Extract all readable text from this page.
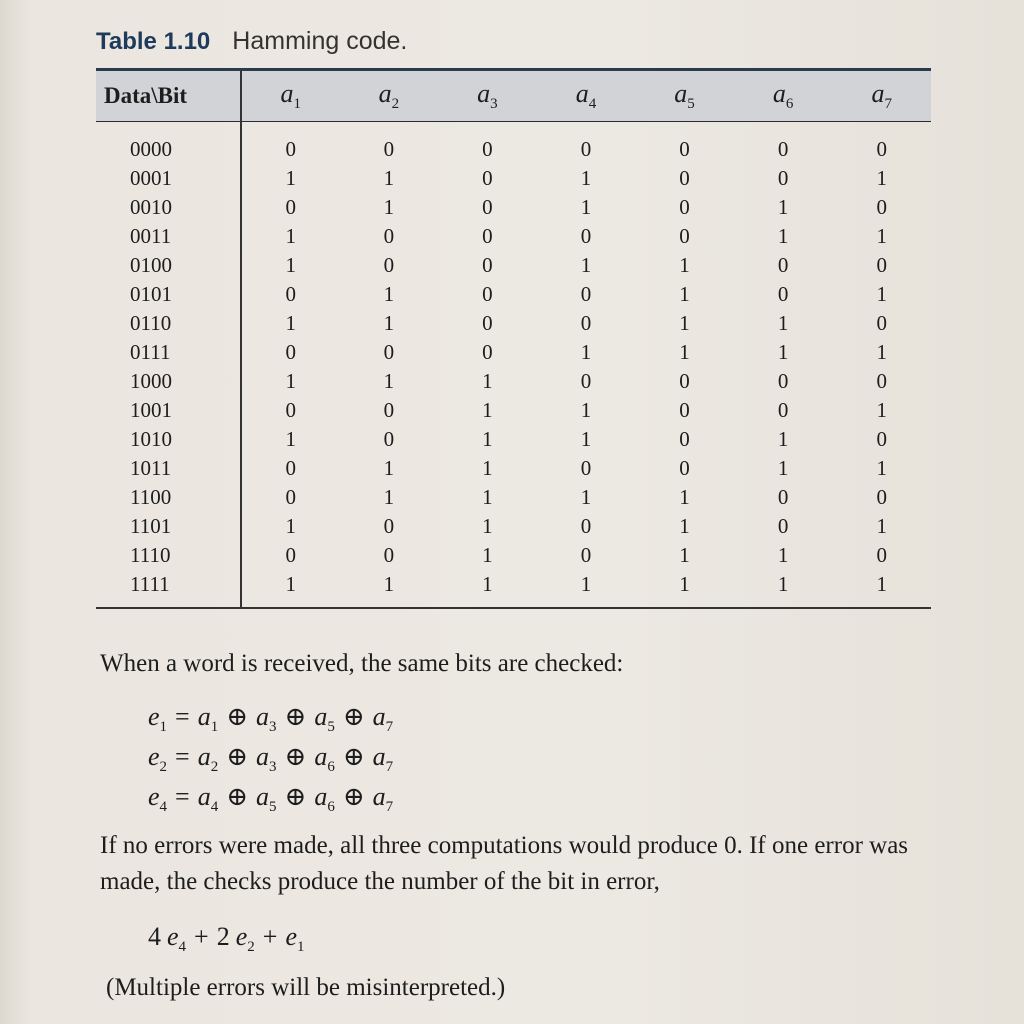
Table 1.10 Hamming code.
Data\Bit	$a_1$	$a_2$	$a_3$	$a_4$	$a_5$	$a_6$	$a_7$
0000	0	0	0	0	0	0	0
0001	1	1	0	1	0	0	1
0010	0	1	0	1	0	1	0
0011	1	0	0	0	0	1	1
0100	1	0	0	1	1	0	0
0101	0	1	0	0	1	0	1
0110	1	1	0	0	1	1	0
0111	0	0	0	1	1	1	1
1000	1	1	1	0	0	0	0
1001	0	0	1	1	0	0	1
1010	1	0	1	1	0	1	0
1011	0	1	1	0	0	1	1
1100	0	1	1	1	1	0	0
1101	1	0	1	0	1	0	1
1110	0	0	1	0	1	1	0
1111	1	1	1	1	1	1	1
When a word is received, the same bits are checked:
$e_1 = a_1$ ⊕ $a_3$ ⊕ $a_5$ ⊕ $a_7$
$e_2 = a_2$ ⊕ $a_3$ ⊕ $a_6$ ⊕ $a_7$
$e_4 = a_4$ ⊕ $a_5$ ⊕ $a_6$ ⊕ $a_7$
If no errors were made, all three computations would produce 0. If one error was made, the checks produce the number of the bit in error,
4 $e_4 + 2$ $e_2 + e_1$
(Multiple errors will be misinterpreted.)
